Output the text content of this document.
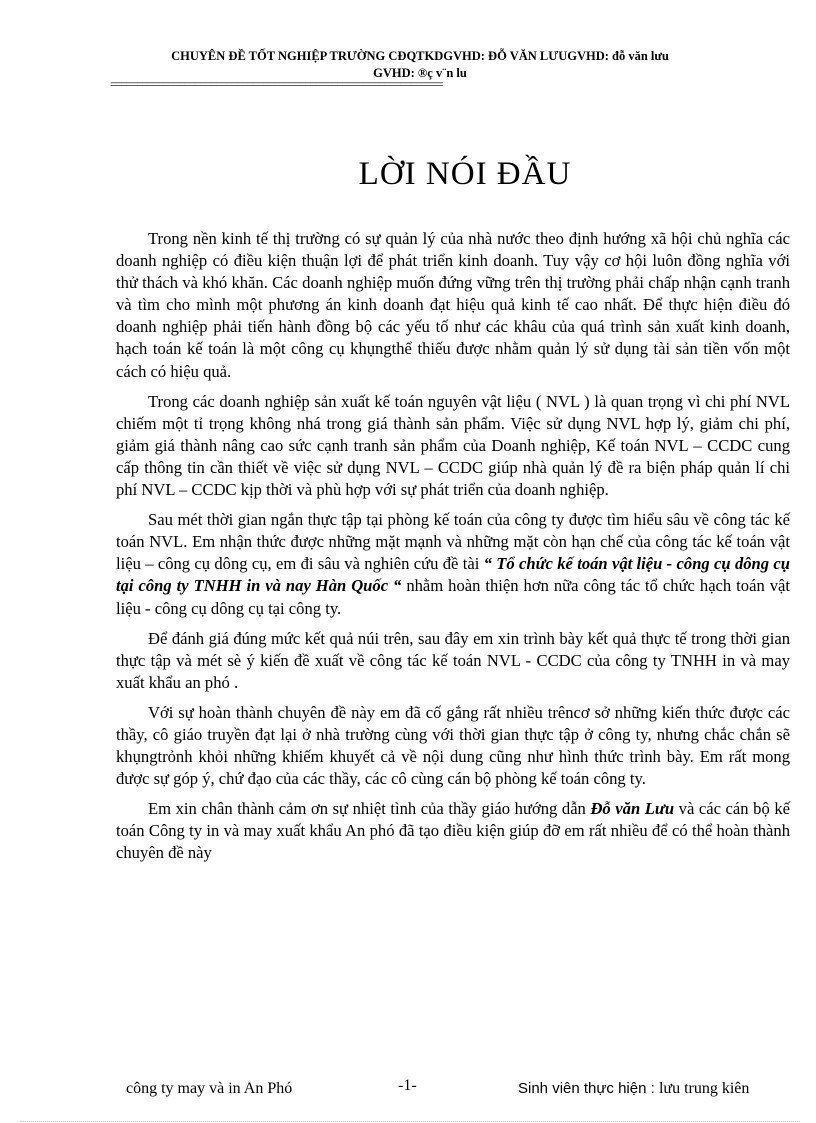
CHUYÊN ĐỀ TỐT NGHIỆP TRƯỜNG CĐQTKDGVHD: ĐỖ VĂN LƯUGVHD: đỗ văn lưu
GVHD: ®ç v¨n lu
===============================================================
LỜI NÓI ĐẦU

Trong nền kinh tế thị trường có sự quản lý của nhà nước theo định hướng xã hội chủ nghĩa các doanh nghiệp có điều kiện thuận lợi để phát triển kinh doanh. Tuy vậy cơ hội luôn đồng nghĩa với thử thách và khó khăn. Các doanh nghiệp muốn đứng vững trên thị trường phải chấp nhận cạnh tranh và tìm cho mình một phương án kinh doanh đạt hiệu quả kinh tế cao nhất. Để thực hiện điều đó doanh nghiệp phải tiến hành đồng bộ các yếu tố như các khâu của quá trình sản xuất kinh doanh, hạch toán kế toán là một công cụ khụngthể thiếu được nhằm quản lý sử dụng tài sản tiền vốn một cách có hiệu quả.

Trong các doanh nghiệp sản xuất kế toán nguyên vật liệu ( NVL ) là quan trọng vì chi phí NVL chiếm một tỉ trọng không nhá trong giá thành sản phẩm. Việc sử dụng NVL hợp lý, giảm chi phí, giảm giá thành nâng cao sức cạnh tranh sản phẩm của Doanh nghiệp, Kế toán NVL – CCDC cung cấp thông tin cần thiết về việc sử dụng NVL – CCDC giúp nhà quản lý đề ra biện pháp quản lí chi phí NVL – CCDC kịp thời và phù hợp với sự phát triển của doanh nghiệp.

Sau mét thời gian ngắn thực tập tại phòng kế toán của công ty được tìm hiểu sâu về công tác kế toán NVL. Em nhận thức được những mặt mạnh và những mặt còn hạn chế của công tác kế toán vật liệu – công cụ dông cụ, em đi sâu và nghiên cứu đề tài “ Tổ chức kế toán vật liệu - công cụ dông cụ tại công ty TNHH in và nay Hàn Quốc “ nhằm hoàn thiện hơn nữa công tác tổ chức hạch toán vật liệu - công cụ dông cụ tại công ty.

Để đánh giá đúng mức kết quả núi trên, sau đây em xin trình bày kết quả thực tế trong thời gian thực tập và mét sè ý kiến đề xuất về công tác kế toán NVL - CCDC của công ty TNHH in và may xuất khẩu an phó .

Với sự hoàn thành chuyên đề này em đã cố gắng rất nhiều trêncơ sở những kiến thức được các thầy, cô giáo truyền đạt lại ở nhà trường cùng với thời gian thực tập ở công ty, nhưng chắc chắn sẽ khụngtrỏnh khỏi những khiếm khuyết cả về nội dung cũng như hình thức trình bày. Em rất mong được sự góp ý, chứ đạo của các thầy, các cô cùng cán bộ phòng kế toán công ty.

Em xin chân thành cảm ơn sự nhiệt tình của thầy giáo hướng dẫn Đỗ văn Lưu và các cán bộ kế toán Công ty in và may xuất khẩu An phó đã tạo điều kiện giúp đỡ em rất nhiều để có thể hoàn thành chuyên đề này

công ty may và in An Phó	-1-	Sinh viên thực hiện : lưu trung kiên
